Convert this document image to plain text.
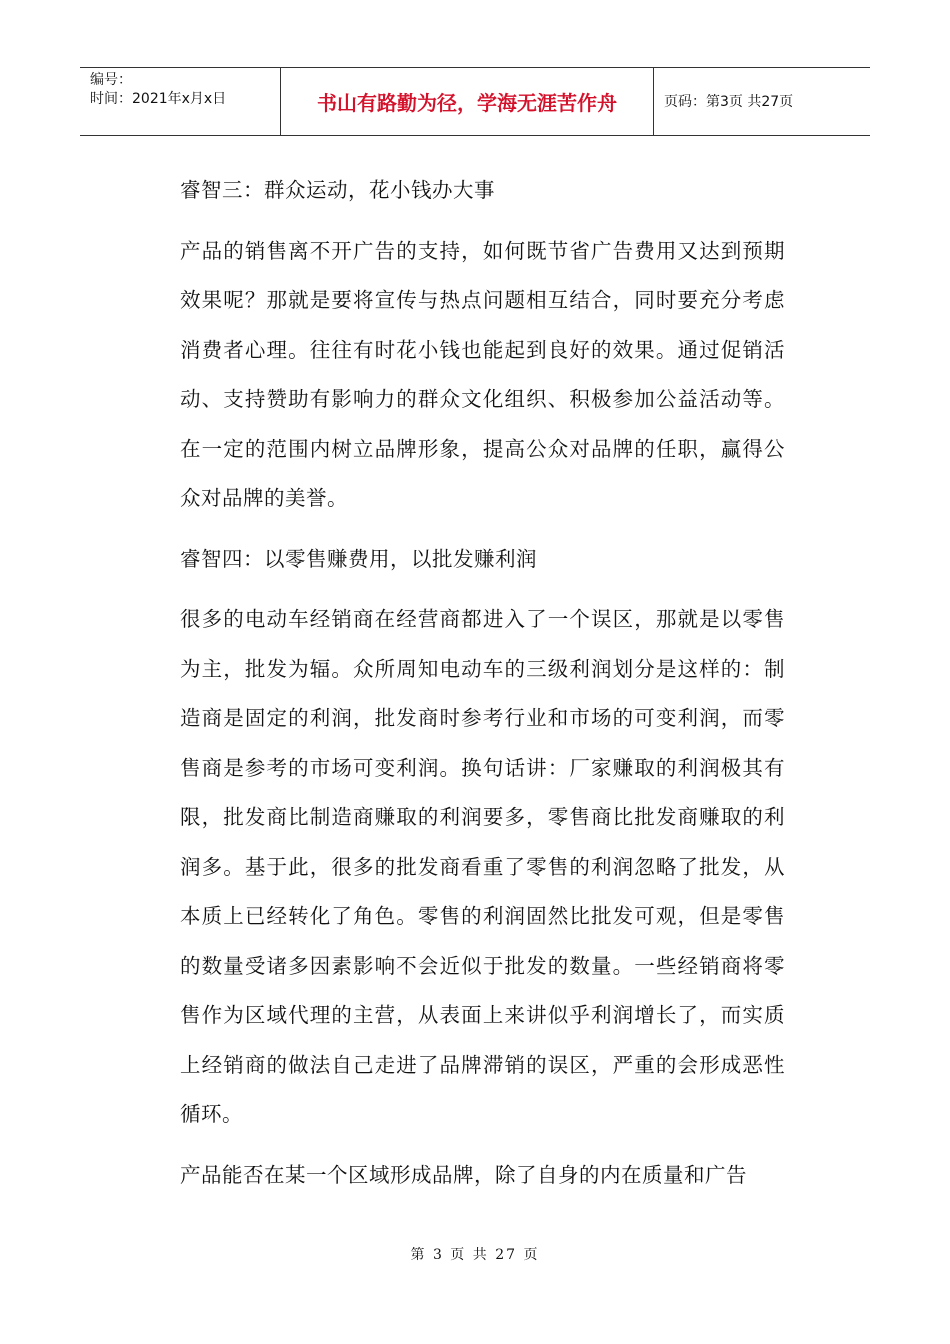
编号：
时间：2021年x月x日	书山有路勤为径，学海无涯苦作舟	页码：第3页 共27页

睿智三：群众运动，花小钱办大事

产品的销售离不开广告的支持，如何既节省广告费用又达到预期效果呢？那就是要将宣传与热点问题相互结合，同时要充分考虑消费者心理。往往有时花小钱也能起到良好的效果。通过促销活动、支持赞助有影响力的群众文化组织、积极参加公益活动等。在一定的范围内树立品牌形象，提高公众对品牌的任职，赢得公众对品牌的美誉。

睿智四：以零售赚费用，以批发赚利润

很多的电动车经销商在经营商都进入了一个误区，那就是以零售为主，批发为辐。众所周知电动车的三级利润划分是这样的：制造商是固定的利润，批发商时参考行业和市场的可变利润，而零售商是参考的市场可变利润。换句话讲：厂家赚取的利润极其有限，批发商比制造商赚取的利润要多，零售商比批发商赚取的利润多。基于此，很多的批发商看重了零售的利润忽略了批发，从本质上已经转化了角色。零售的利润固然比批发可观，但是零售的数量受诸多因素影响不会近似于批发的数量。一些经销商将零售作为区域代理的主营，从表面上来讲似乎利润增长了，而实质上经销商的做法自己走进了品牌滞销的误区，严重的会形成恶性循环。

产品能否在某一个区域形成品牌，除了自身的内在质量和广告

第 3 页 共 27 页
